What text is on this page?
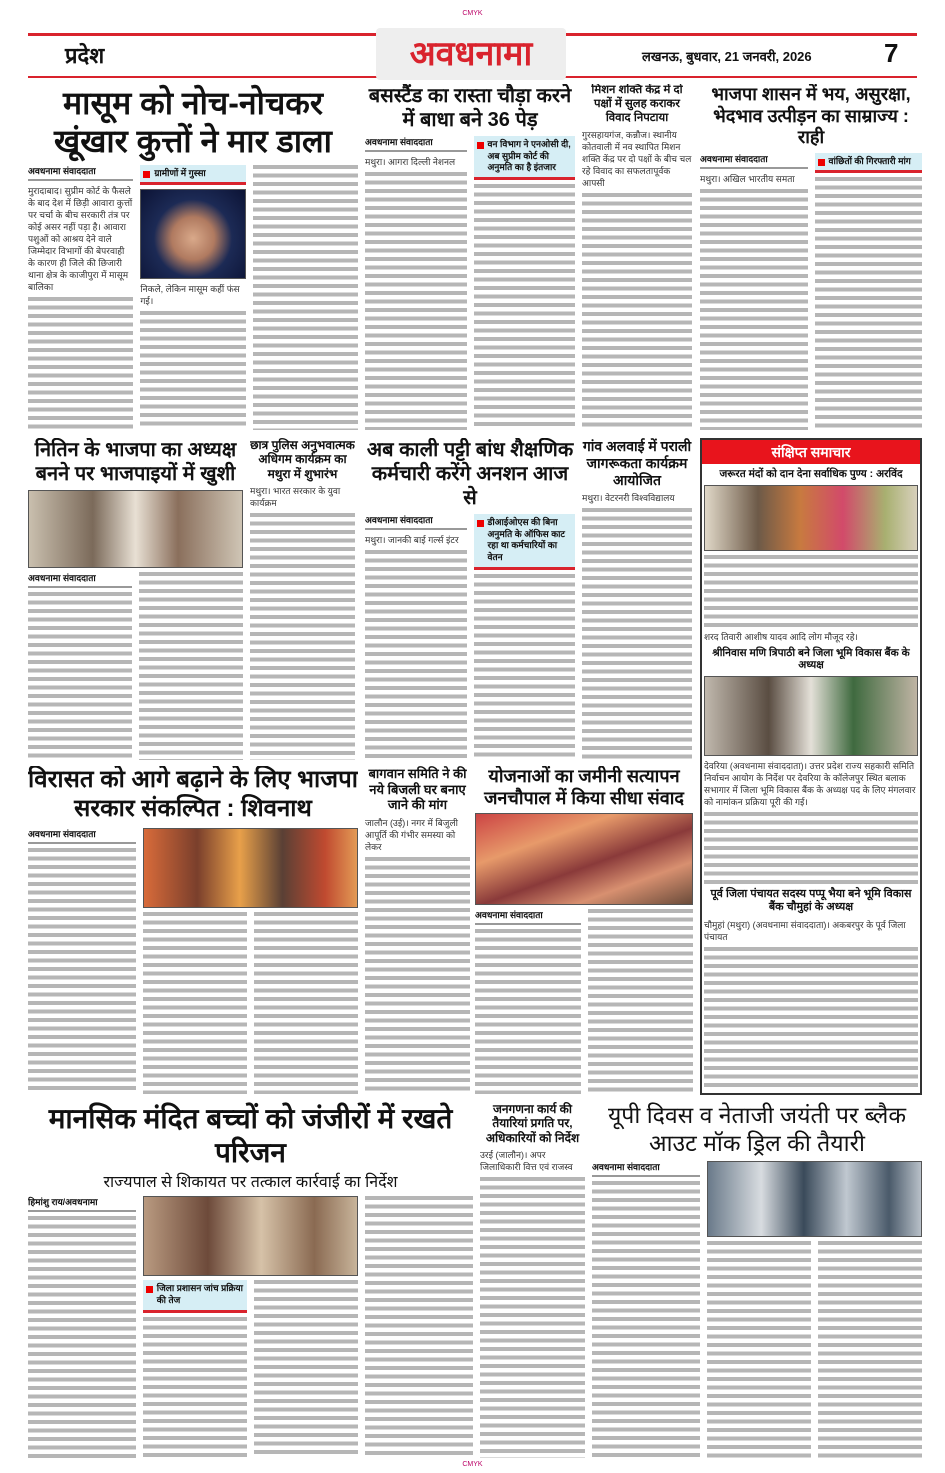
CMYK
प्रदेश	अवधनामा	लखनऊ, बुधवार, 21 जनवरी, 2026	7
मासूम को नोच-नोचकर खूंखार कुत्तों ने मार डाला
अवधनामा संवाददाता
मुरादाबाद। सुप्रीम कोर्ट के फैसले के बाद देश में छिड़ी आवारा कुत्तों पर चर्चा के बीच सरकारी तंत्र पर कोई असर नहीं पड़ा है। आवारा पशुओं को आश्रय देने वाले जिम्मेदार विभागों की बेपरवाही के कारण ही जिले की छिजारी थाना क्षेत्र के काजीपुरा में मासूम बालिका
ग्रामीणों में गुस्सा
निकले, लेकिन मासूम कहीं फंस गई।
बसस्टैंड का रास्ता चौड़ा करने में बाधा बने 36 पेड़
अवधनामा संवाददाता
मथुरा। आगरा दिल्ली नेशनल
वन विभाग ने एनओसी दी, अब सुप्रीम कोर्ट की अनुमति का है इंतजार
मिशन शक्ति केंद्र में दो पक्षों में सुलह कराकर विवाद निपटाया
गुरसहायगंज, कन्नौज। स्थानीय कोतवाली में नव स्थापित मिशन शक्ति केंद्र पर दो पक्षों के बीच चल रहे विवाद का सफलतापूर्वक आपसी
भाजपा शासन में भय, असुरक्षा, भेदभाव उत्पीड़न का साम्राज्य : राही
अवधनामा संवाददाता
मथुरा। अखिल भारतीय समता
वांछितों की गिरफ्तारी मांग
नितिन के भाजपा का अध्यक्ष बनने पर भाजपाइयों में खुशी
अवधनामा संवाददाता
छात्र पुलिस अनुभवात्मक अधिगम कार्यक्रम का मथुरा में शुभारंभ
मथुरा। भारत सरकार के युवा कार्यक्रम
अब काली पट्टी बांध शैक्षणिक कर्मचारी करेंगे अनशन आज से
अवधनामा संवाददाता
मथुरा। जानकी बाई गर्ल्स इंटर
डीआईओएस की बिना अनुमति के ऑफिस काट रहा था कर्मचारियों का वेतन
गांव अलवाई में पराली जागरूकता कार्यक्रम आयोजित
मथुरा। वेटरनरी विश्वविद्यालय
संक्षिप्त समाचार
जरूरत मंदों को दान देना सर्वाधिक पुण्य : अरविंद
शरद तिवारी आशीष यादव आदि लोग मौजूद रहे।
श्रीनिवास मणि त्रिपाठी बने जिला भूमि विकास बैंक के अध्यक्ष
देवरिया (अवधनामा संवाददाता)। उत्तर प्रदेश राज्य सहकारी समिति निर्वाचन आयोग के निर्देश पर देवरिया के कॉलेजपुर स्थित बलाक सभागार में जिला भूमि विकास बैंक के अध्यक्ष पद के लिए मंगलवार को नामांकन प्रक्रिया पूरी की गई।
पूर्व जिला पंचायत सदस्य पप्पू भैया बने भूमि विकास बैंक चौमुहां के अध्यक्ष
चौमुहां (मथुरा) (अवधनामा संवाददाता)। अकबरपुर के पूर्व जिला पंचायत
विरासत को आगे बढ़ाने के लिए भाजपा सरकार संकल्पित : शिवनाथ
अवधनामा संवाददाता
बागवान समिति ने की नये बिजली घर बनाए जाने की मांग
जालौन (उई)। नगर में बिजुली आपूर्ति की गंभीर समस्या को लेकर
योजनाओं का जमीनी सत्यापन जनचौपाल में किया सीधा संवाद
अवधनामा संवाददाता
मानसिक मंदित बच्चों को जंजीरों में रखते परिजन
राज्यपाल से शिकायत पर तत्काल कार्रवाई का निर्देश
हिमांशु राय/अवधनामा
जिला प्रशासन जांच प्रक्रिया की तेज
जनगणना कार्य की तैयारियां प्रगति पर, अधिकारियों को निर्देश
उरई (जालौन)। अपर जिलाधिकारी वित्त एवं राजस्व
यूपी दिवस व नेताजी जयंती पर ब्लैक आउट मॉक ड्रिल की तैयारी
अवधनामा संवाददाता
CMYK
